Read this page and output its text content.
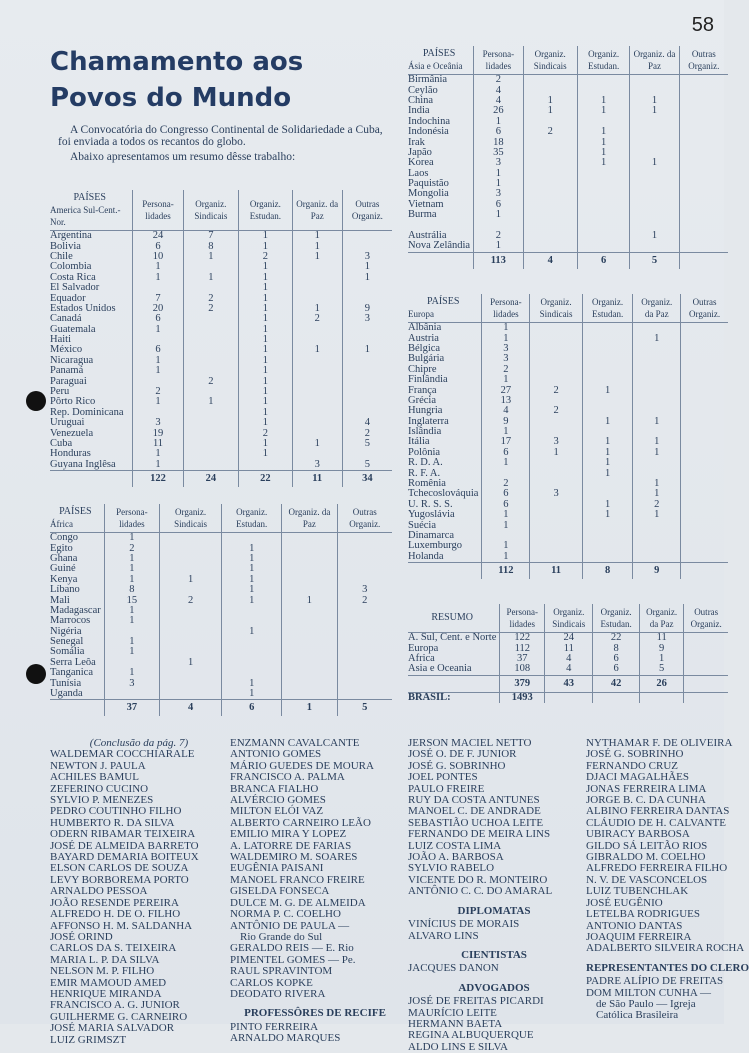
58
Chamamento aos
Povos do Mundo

A Convocatória do Congresso Continental de Solidariedade a Cuba, foi enviada a todos os recantos do globo.

Abaixo apresentamos um resumo dêsse trabalho:

PAÍSES
America Sul-Cent.-Nor.	Persona-lidades	Organiz. Sindicais	Organiz. Estudan.	Organiz. da Paz	Outras Organiz.
Argentina	24	7	1	1	
Bolivia	6	8	1	1	
Chile	10	1	2	1	3
Colombia	1		1		1
Costa Rica	1	1	1		1
El Salvador			1		
Equador	7	2	1		
Estados Unidos	20	2	1	1	9
Canadá	6		1	2	3
Guatemala	1		1		
Haiti			1		
México	6		1	1	1
Nicaragua	1		1		
Panamá	1		1		
Paraguai		2	1		
Peru	2		1		
Pôrto Rico	1	1	1		
Rep. Dominicana			1		
Uruguai	3		1		4
Venezuela	19		2		2
Cuba	11		1	1	5
Honduras	1		1		
Guyana Inglêsa	1			3	5
	122	24	22	11	34
PAÍSES
África	Persona-lidades	Organiz. Sindicais	Organiz. Estudan.	Organiz. da Paz	Outras Organiz.
Congo	1				
Egito	2		1		
Ghana	1		1		
Guiné	1		1		
Kenya	1	1	1		
Líbano	8		1		3
Mali	15	2	1	1	2
Madagascar	1				
Marrocos	1				
Nigéria			1		
Senegal	1				
Somália	1				
Serra Leôa		1			
Tanganica	1				
Tunísia	3		1		
Uganda			1		
	37	4	6	1	5
PAÍSES
Ásia e Oceânia	Persona-lidades	Organiz. Sindicais	Organiz. Estudan.	Organiz. da Paz	Outras Organiz.
Birmânia	2				
Ceylão	4				
China	4	1	1	1	
India	26	1	1	1	
Indochina	1				
Indonésia	6	2	1		
Irak	18		1		
Japão	35		1		
Korea	3		1	1	
Laos	1				
Paquistão	1				
Mongolia	3				
Vietnam	6				
Burma	1				

Austrália	2			1	
Nova Zelândia	1				
	113	4	6	5	
PAÍSES
Europa	Persona-lidades	Organiz. Sindicais	Organiz. Estudan.	Organiz. da Paz	Outras Organiz.
Albânia	1				
Austria	1			1	
Bélgica	3				
Bulgária	3				
Chipre	2				
Finlândia	1				
França	27	2	1		
Grécia	13				
Hungria	4	2			
Inglaterra	9		1	1	
Islândia	1				
Itália	17	3	1	1	
Polônia	6	1	1	1	
R. D. A.	1		1		
R. F. A.			1		
Romênia	2			1	
Tchecoslováquia	6	3		1	
U. R. S. S.	6		1	2	
Yugoslávia	1		1	1	
Suécia	1				
Dinamarca					
Luxemburgo	1				
Holanda	1				
	112	11	8	9	
RESUMO	Persona-lidades	Organiz. Sindicais	Organiz. Estudan.	Organiz. da Paz	Outras Organiz.
A. Sul, Cent. e Norte	122	24	22	11	
Europa	112	11	8	9	
Africa	37	4	6	1	
Asia e Oceania	108	4	6	5	
	379	43	42	26	
BRASIL:	1493				
(Conclusão da pág. 7)
WALDEMAR COCCHIARALE
NEWTON J. PAULA
ACHILES BAMUL
ZEFERINO CUCINO
SYLVIO P. MENEZES
PEDRO COUTINHO FILHO
HUMBERTO R. DA SILVA
ODERN RIBAMAR TEIXEIRA
JOSÉ DE ALMEIDA BARRETO
BAYARD DEMARIA BOITEUX
ELSON CARLOS DE SOUZA
LEVY BORBOREMA PORTO
ARNALDO PESSOA
JOÃO RESENDE PEREIRA
ALFREDO H. DE O. FILHO
AFFONSO H. M. SALDANHA
JOSÉ ORIND
CARLOS DA S. TEIXEIRA
MARIA L. P. DA SILVA
NELSON M. P. FILHO
EMIR MAMOUD AMED
HENRIQUE MIRANDA
FRANCISCO A. G. JUNIOR
GUILHERME G. CARNEIRO
JOSÉ MARIA SALVADOR
LUIZ GRIMSZT
ENZMANN CAVALCANTE
ANTONIO GOMES
MÁRIO GUEDES DE MOURA
FRANCISCO A. PALMA
BRANCA FIALHO
ALVÉRCIO GOMES
MILTON ELÓI VAZ
ALBERTO CARNEIRO LEÃO
EMILIO MIRA Y LOPEZ
A. LATORRE DE FARIAS
WALDEMIRO M. SOARES
EUGÊNIA PAISANI
MANOEL FRANCO FREIRE
GISELDA FONSECA
DULCE M. G. DE ALMEIDA
NORMA P. C. COELHO
ANTÔNIO DE PAULA —
Rio Grande do Sul
GERALDO REIS — E. Rio
PIMENTEL GOMES — Pe.
RAUL SPRAVINTOM
CARLOS KOPKE
DEODATO RIVERA
PROFESSÔRES DE RECIFE
PINTO FERREIRA
ARNALDO MARQUES
JERSON MACIEL NETTO
JOSÉ O. DE F. JUNIOR
JOSÉ G. SOBRINHO
JOEL PONTES
PAULO FREIRE
RUY DA COSTA ANTUNES
MANOEL C. DE ANDRADE
SEBASTIÃO UCHOA LEITE
FERNANDO DE MEIRA LINS
LUIZ COSTA LIMA
JOÃO A. BARBOSA
SYLVIO RABELO
VICENTE DO R. MONTEIRO
ANTÔNIO C. C. DO AMARAL
DIPLOMATAS
VINÍCIUS DE MORAIS
ALVARO LINS
CIENTISTAS
JACQUES DANON
ADVOGADOS
JOSÉ DE FREITAS PICARDI
MAURÍCIO LEITE
HERMANN BAETA
REGINA ALBUQUERQUE
ALDO LINS E SILVA
NYTHAMAR F. DE OLIVEIRA
JOSÉ G. SOBRINHO
FERNANDO CRUZ
DJACI MAGALHÃES
JONAS FERREIRA LIMA
JORGE B. C. DA CUNHA
ALBINO FERREIRA DANTAS
CLÁUDIO DE H. CALVANTE
UBIRACY BARBOSA
GILDO SÁ LEITÃO RIOS
GIBRALDO M. COELHO
ALFREDO FERREIRA FILHO
N. V. DE VASCONCELOS
LUIZ TUBENCHLAK
JOSÉ EUGÊNIO
LETELBA RODRIGUES
ANTONIO DANTAS
JOAQUIM FERREIRA
ADALBERTO SILVEIRA ROCHA
REPRESENTANTES DO CLERO
PADRE ALÍPIO DE FREITAS
DOM MILTON CUNHA —
de São Paulo — Igreja
Católica Brasileira
